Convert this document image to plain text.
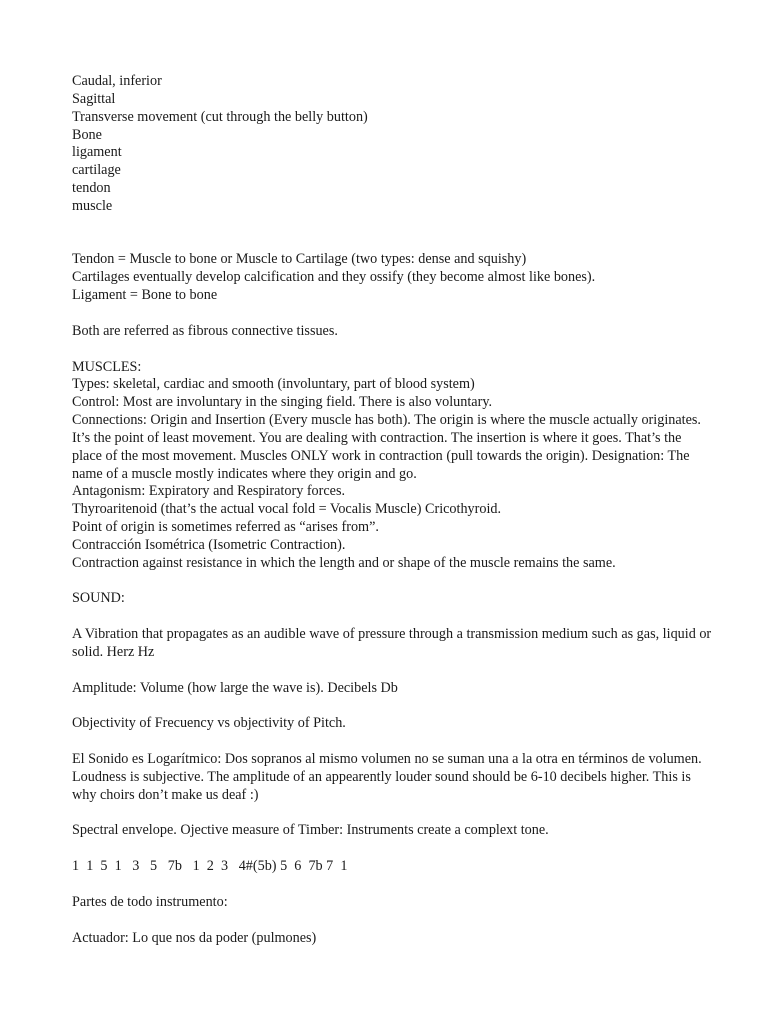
Caudal, inferior
Sagittal
Transverse movement (cut through the belly button)
Bone
ligament
cartilage
tendon
muscle
Tendon = Muscle to bone or Muscle to Cartilage (two types: dense and squishy)
Cartilages eventually develop calcification and they ossify (they become almost like bones).
Ligament = Bone to bone
Both are referred as fibrous connective tissues.
MUSCLES:
Types: skeletal, cardiac and smooth (involuntary, part of blood system)
Control: Most are involuntary in the singing field. There is also voluntary.
Connections: Origin and Insertion (Every muscle has both). The origin is where the muscle actually originates. It’s the point of least movement. You are dealing with contraction. The insertion is where it goes. That’s the place of the most movement. Muscles ONLY work in contraction (pull towards the origin). Designation: The name of a muscle mostly indicates where they origin and go.
Antagonism: Expiratory and Respiratory forces.
Thyroaritenoid (that’s the actual vocal fold = Vocalis Muscle) Cricothyroid.
Point of origin is sometimes referred as “arises from”.
Contracción Isométrica (Isometric Contraction).
Contraction against resistance in which the length and or shape of the muscle remains the same.
SOUND:
A Vibration that propagates as an audible wave of pressure through a transmission medium such as gas, liquid or solid. Herz Hz
Amplitude: Volume (how large the wave is). Decibels Db
Objectivity of Frecuency vs objectivity of Pitch.
El Sonido es Logarítmico: Dos sopranos al mismo volumen no se suman una a la otra en términos de volumen. Loudness is subjective. The amplitude of an appearently louder sound should be 6-10 decibels higher. This is why choirs don’t make us deaf :)
Spectral envelope. Ojective measure of Timber: Instruments create a complext tone.
1  1  5  1   3   5   7b   1  2  3   4#(5b) 5  6  7b 7  1
Partes de todo instrumento:
Actuador: Lo que nos da poder (pulmones)
